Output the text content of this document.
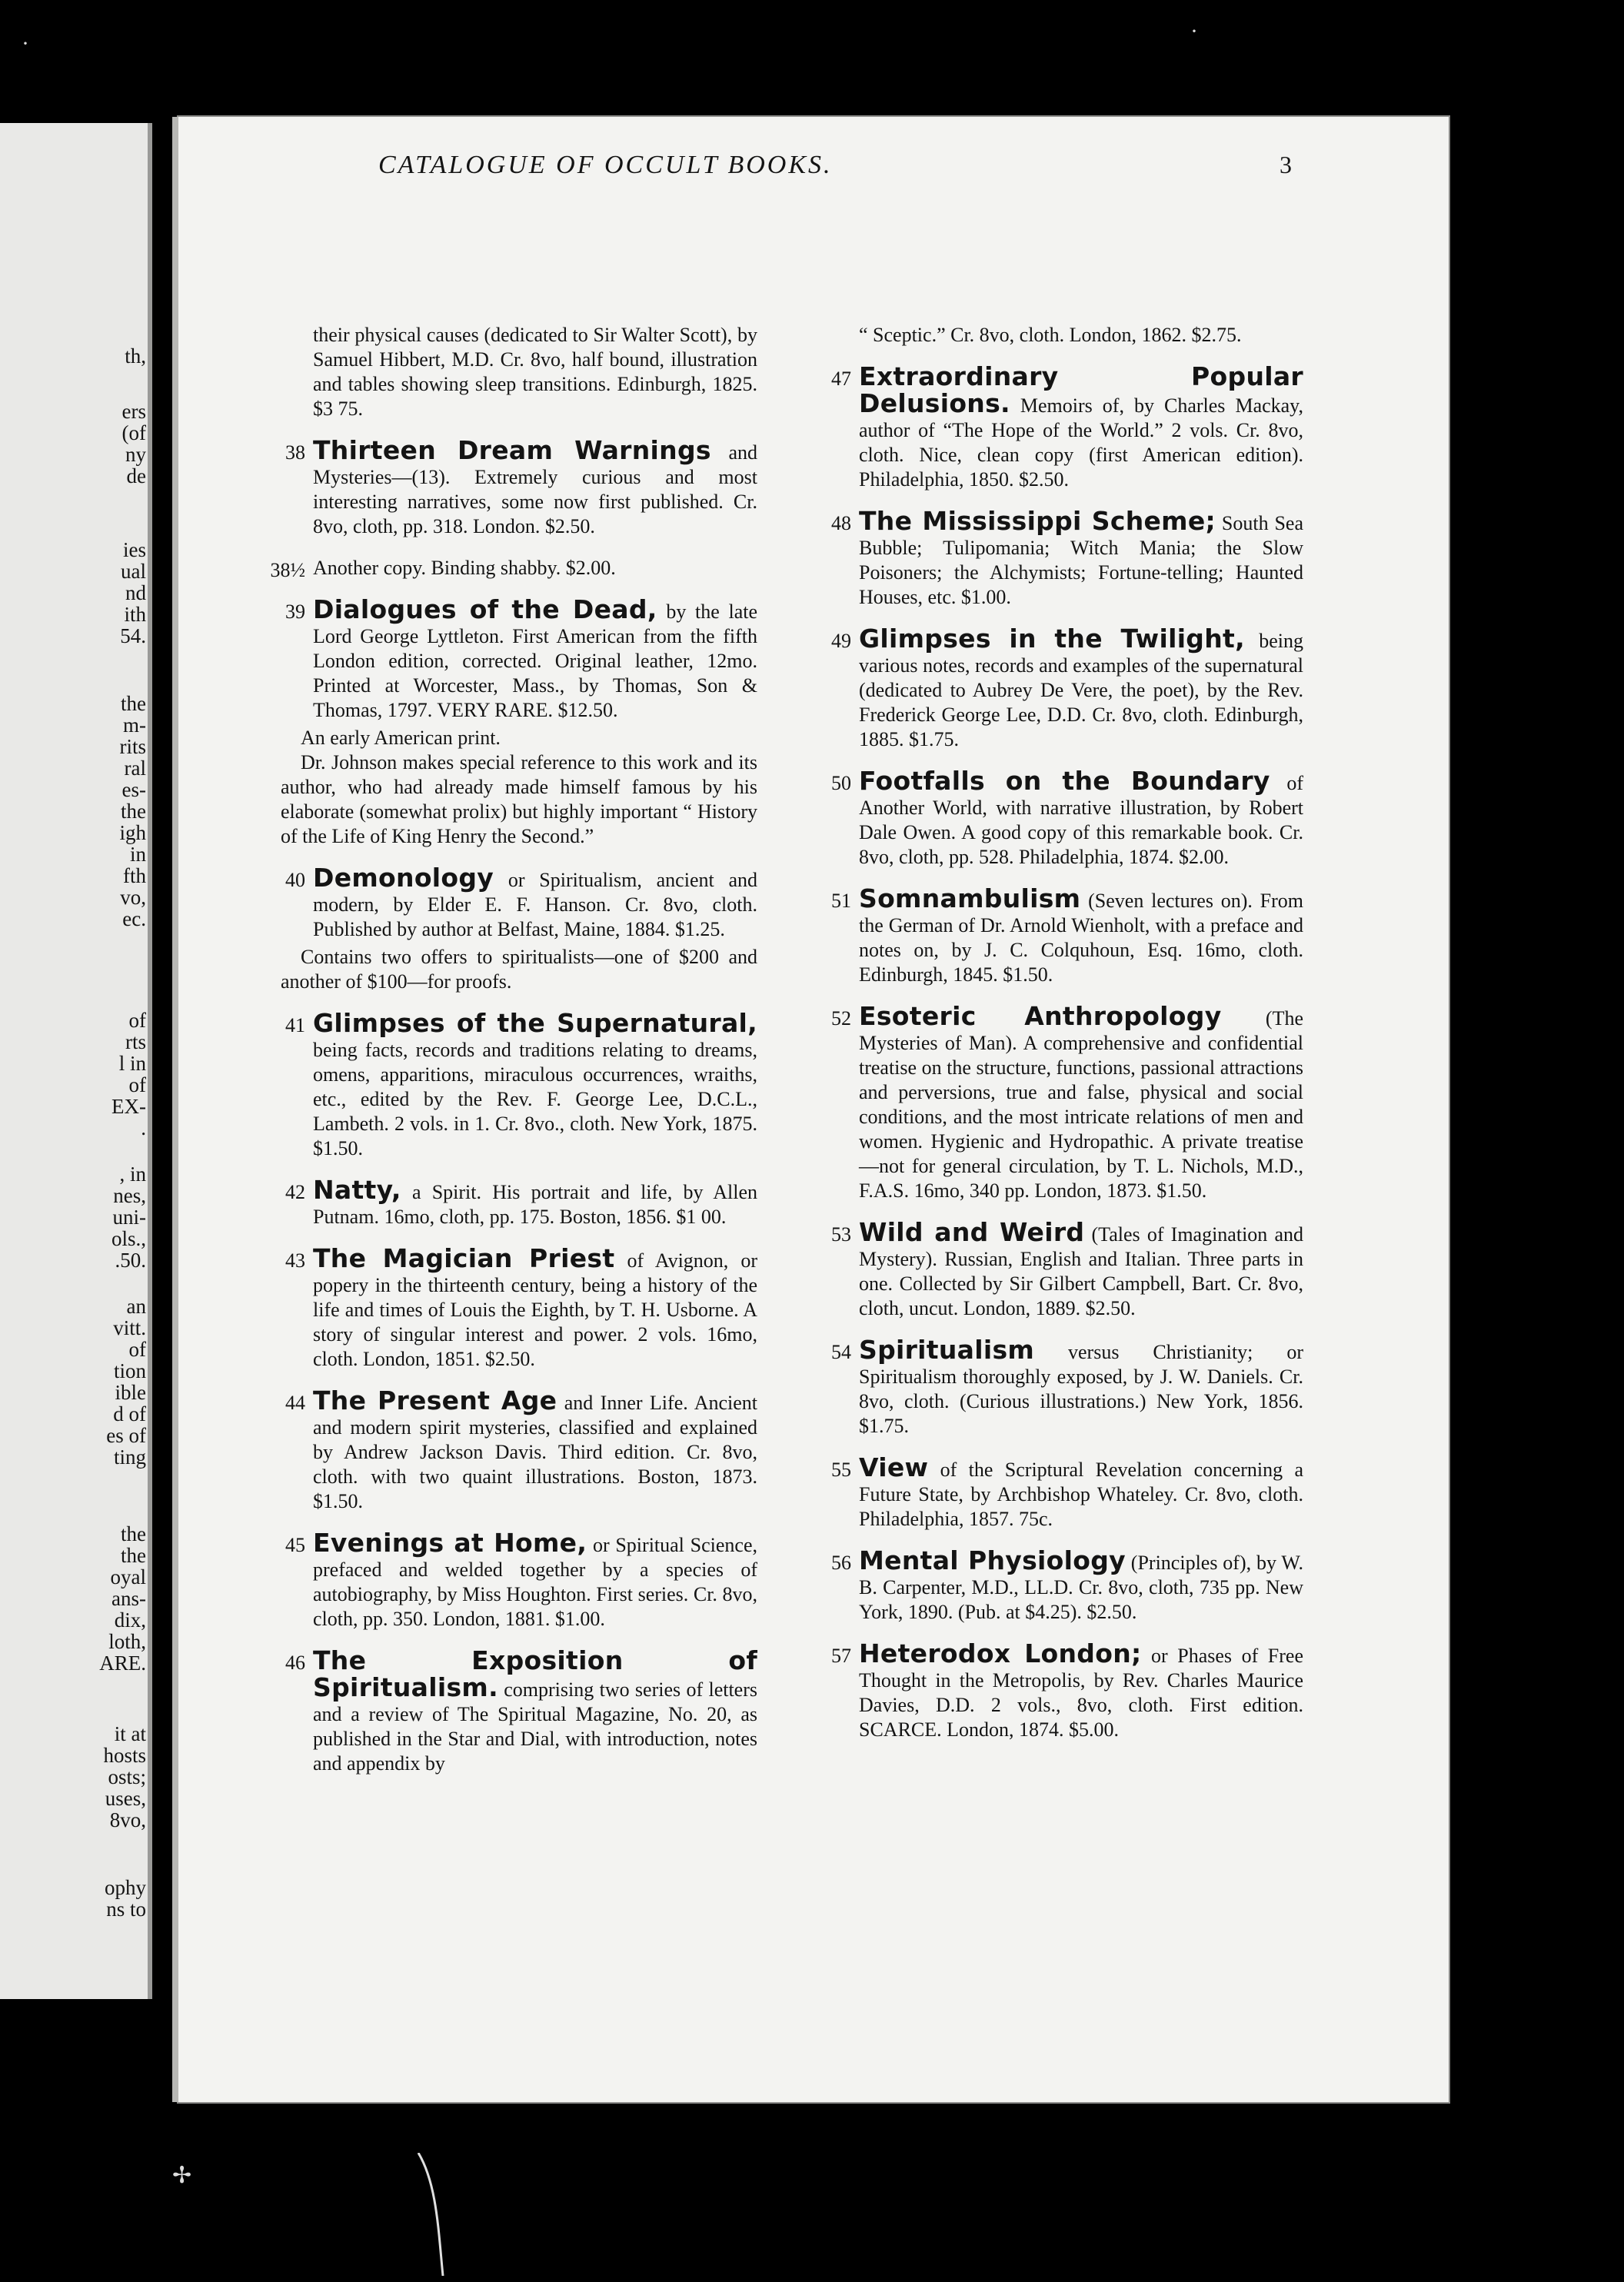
th,
ers
(of
ny
de
ies
ual
nd
ith
54.
the
m-
rits
ral
es-
the
igh
in
fth
vo,
ec.
of
rts
l in
of
EX-
.
, in
nes,
uni-
ols.,
.50.
an
vitt.
of
tion
ible
d of
es of
ting
the
the
oyal
ans-
dix,
loth,
ARE.
it at
hosts
osts;
uses,
8vo,
ophy
ns to
CATALOGUE OF OCCULT BOOKS.	3
their physical causes (dedicated to Sir Walter Scott), by Samuel Hibbert, M.D. Cr. 8vo, half bound, illustration and tables showing sleep transitions. Edinburgh, 1825. $3 75.
38 Thirteen Dream Warnings and Mysteries—(13). Extremely curious and most interesting narratives, some now first published. Cr. 8vo, cloth, pp. 318. London. $2.50.
38½ Another copy. Binding shabby. $2.00.
39 Dialogues of the Dead, by the late Lord George Lyttleton. First American from the fifth London edition, corrected. Original leather, 12mo. Printed at Worcester, Mass., by Thomas, Son & Thomas, 1797. VERY RARE. $12.50.

An early American print.

Dr. Johnson makes special reference to this work and its author, who had already made himself famous by his elaborate (somewhat prolix) but highly important “ History of the Life of King Henry the Second.”

40 Demonology or Spiritualism, ancient and modern, by Elder E. F. Hanson. Cr. 8vo, cloth. Published by author at Belfast, Maine, 1884. $1.25.

Contains two offers to spiritualists—one of $200 and another of $100—for proofs.

41 Glimpses of the Supernatural, being facts, records and traditions relating to dreams, omens, apparitions, miraculous occurrences, wraiths, etc., edited by the Rev. F. George Lee, D.C.L., Lambeth. 2 vols. in 1. Cr. 8vo., cloth. New York, 1875. $1.50.
42 Natty, a Spirit. His portrait and life, by Allen Putnam. 16mo, cloth, pp. 175. Boston, 1856. $1 00.
43 The Magician Priest of Avignon, or popery in the thirteenth century, being a history of the life and times of Louis the Eighth, by T. H. Usborne. A story of singular interest and power. 2 vols. 16mo, cloth. London, 1851. $2.50.
44 The Present Age and Inner Life. Ancient and modern spirit mysteries, classified and explained by Andrew Jackson Davis. Third edition. Cr. 8vo, cloth. with two quaint illustrations. Boston, 1873. $1.50.
45 Evenings at Home, or Spiritual Science, prefaced and welded together by a species of autobiography, by Miss Houghton. First series. Cr. 8vo, cloth, pp. 350. London, 1881. $1.00.
46 The Exposition of Spiritualism. comprising two series of letters and a review of The Spiritual Magazine, No. 20, as published in the Star and Dial, with introduction, notes and appendix by
“ Sceptic.” Cr. 8vo, cloth. London, 1862. $2.75.
47 Extraordinary Popular Delusions. Memoirs of, by Charles Mackay, author of “The Hope of the World.” 2 vols. Cr. 8vo, cloth. Nice, clean copy (first American edition). Philadelphia, 1850. $2.50.
48 The Mississippi Scheme; South Sea Bubble; Tulipomania; Witch Mania; the Slow Poisoners; the Alchymists; Fortune-telling; Haunted Houses, etc. $1.00.
49 Glimpses in the Twilight, being various notes, records and examples of the supernatural (dedicated to Aubrey De Vere, the poet), by the Rev. Frederick George Lee, D.D. Cr. 8vo, cloth. Edinburgh, 1885. $1.75.
50 Footfalls on the Boundary of Another World, with narrative illustration, by Robert Dale Owen. A good copy of this remarkable book. Cr. 8vo, cloth, pp. 528. Philadelphia, 1874. $2.00.
51 Somnambulism (Seven lectures on). From the German of Dr. Arnold Wienholt, with a preface and notes on, by J. C. Colquhoun, Esq. 16mo, cloth. Edinburgh, 1845. $1.50.
52 Esoteric Anthropology (The Mysteries of Man). A comprehensive and confidential treatise on the structure, functions, passional attractions and perversions, true and false, physical and social conditions, and the most intricate relations of men and women. Hygienic and Hydropathic. A private treatise—not for general circulation, by T. L. Nichols, M.D., F.A.S. 16mo, 340 pp. London, 1873. $1.50.
53 Wild and Weird (Tales of Imagination and Mystery). Russian, English and Italian. Three parts in one. Collected by Sir Gilbert Campbell, Bart. Cr. 8vo, cloth, uncut. London, 1889. $2.50.
54 Spiritualism versus Christianity; or Spiritualism thoroughly exposed, by J. W. Daniels. Cr. 8vo, cloth. (Curious illustrations.) New York, 1856. $1.75.
55 View of the Scriptural Revelation concerning a Future State, by Archbishop Whateley. Cr. 8vo, cloth. Philadelphia, 1857. 75c.
56 Mental Physiology (Principles of), by W. B. Carpenter, M.D., LL.D. Cr. 8vo, cloth, 735 pp. New York, 1890. (Pub. at $4.25). $2.50.
57 Heterodox London; or Phases of Free Thought in the Metropolis, by Rev. Charles Maurice Davies, D.D. 2 vols., 8vo, cloth. First edition. SCARCE. London, 1874. $5.00.
·	·
✢
